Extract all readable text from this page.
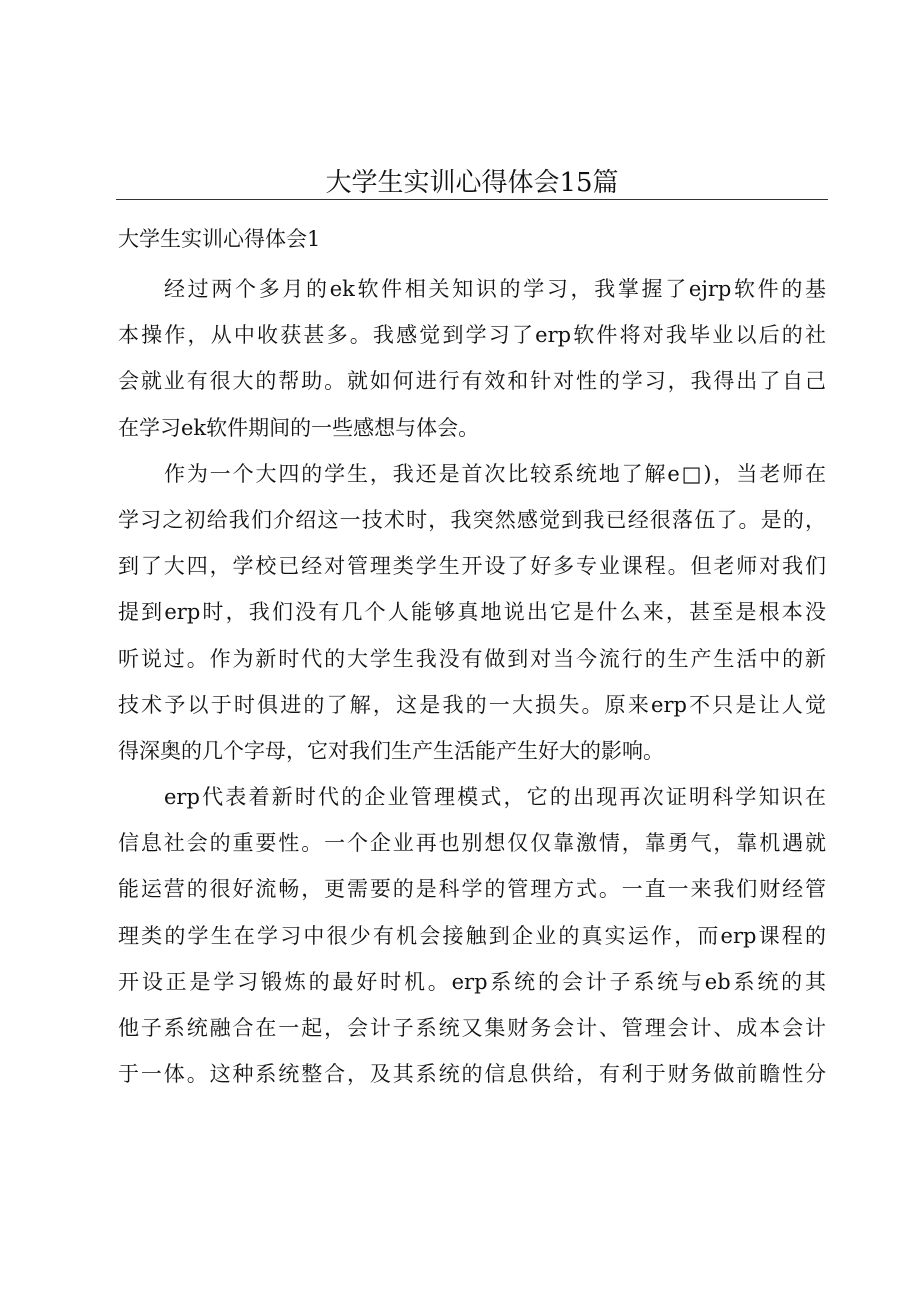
大学生实训心得体会15篇
大学生实训心得体会1
经过两个多月的ek软件相关知识的学习，我掌握了ejrp软件的基
本操作，从中收获甚多。我感觉到学习了erp软件将对我毕业以后的社
会就业有很大的帮助。就如何进行有效和针对性的学习，我得出了自己
在学习ek软件期间的一些感想与体会。
作为一个大四的学生，我还是首次比较系统地了解e□)，当老师在
学习之初给我们介绍这一技术时，我突然感觉到我已经很落伍了。是的，
到了大四，学校已经对管理类学生开设了好多专业课程。但老师对我们
提到erp时，我们没有几个人能够真地说出它是什么来，甚至是根本没
听说过。作为新时代的大学生我没有做到对当今流行的生产生活中的新
技术予以于时俱进的了解，这是我的一大损失。原来erp不只是让人觉
得深奥的几个字母，它对我们生产生活能产生好大的影响。
erp代表着新时代的企业管理模式，它的出现再次证明科学知识在
信息社会的重要性。一个企业再也别想仅仅靠激情，靠勇气，靠机遇就
能运营的很好流畅，更需要的是科学的管理方式。一直一来我们财经管
理类的学生在学习中很少有机会接触到企业的真实运作，而erp课程的
开设正是学习锻炼的最好时机。erp系统的会计子系统与eb系统的其
他子系统融合在一起，会计子系统又集财务会计、管理会计、成本会计
于一体。这种系统整合，及其系统的信息供给，有利于财务做前瞻性分
